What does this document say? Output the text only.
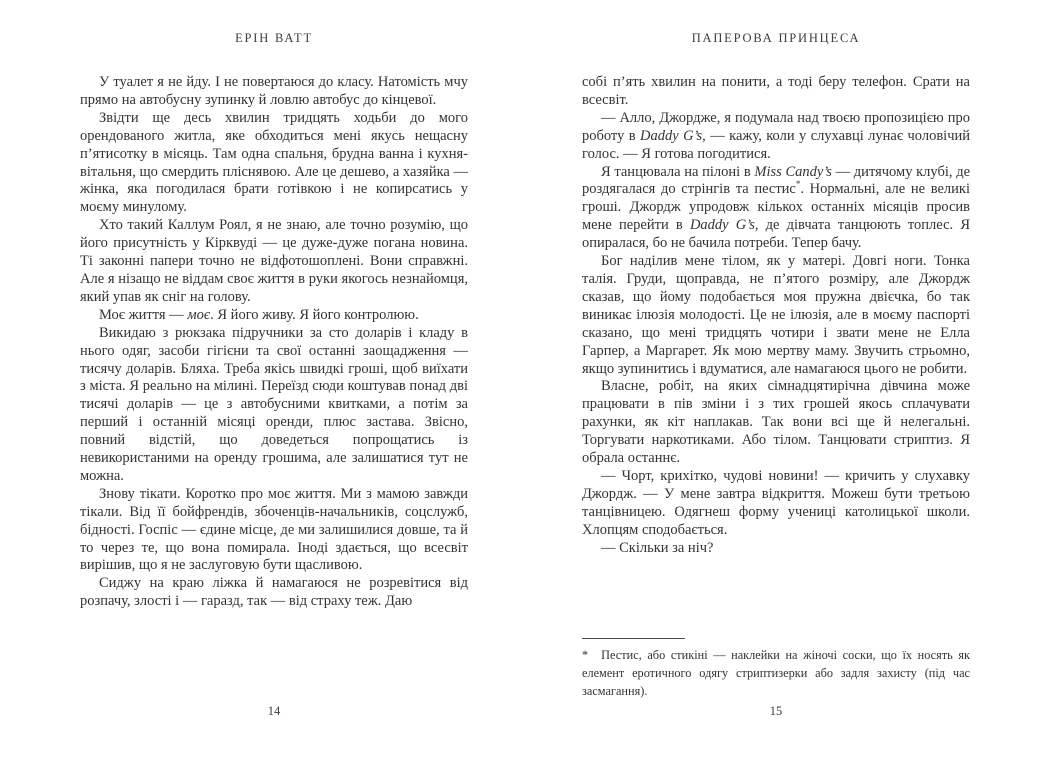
ЕРІН ВАТТ

У туалет я не йду. І не повертаюся до класу. Натомість мчу прямо на автобусну зупинку й ловлю автобус до кінцевої.

Звідти ще десь хвилин тридцять ходьби до мого орендованого житла, яке обходиться мені якусь нещасну п’ятисотку в місяць. Там одна спальня, брудна ванна і кухня-вітальня, що смердить пліснявою. Але це дешево, а хазяйка — жінка, яка погодилася брати готівкою і не копирсатись у моєму минулому.

Хто такий Каллум Роял, я не знаю, але точно розумію, що його присутність у Кірквуді — це дуже-дуже погана новина. Ті законні папери точно не відфотошоплені. Вони справжні. Але я нізащо не віддам своє життя в руки якогось незнайомця, який упав як сніг на голову.

Моє життя — моє. Я його живу. Я його контролюю.

Викидаю з рюкзака підручники за сто доларів і кладу в нього одяг, засоби гігієни та свої останні заощадження — тисячу доларів. Бляха. Треба якісь швидкі гроші, щоб виїхати з міста. Я реально на мілині. Переїзд сюди коштував понад дві тисячі доларів — це з автобусними квитками, а потім за перший і останній місяці оренди, плюс застава. Звісно, повний відстій, що доведеться попрощатись із невикористаними на оренду грошима, але залишатися тут не можна.

Знову тікати. Коротко про моє життя. Ми з мамою завжди тікали. Від її бойфрендів, збоченців-начальників, соцслужб, бідності. Госпіс — єдине місце, де ми залишилися довше, та й то через те, що вона помирала. Іноді здається, що всесвіт вирішив, що я не заслуговую бути щасливою.

Сиджу на краю ліжка й намагаюся не розревітися від розпачу, злості і — гаразд, так — від страху теж. Даю

14
ПАПЕРОВА ПРИНЦЕСА

собі п’ять хвилин на понити, а тоді беру телефон. Срати на всесвіт.

— Алло, Джордже, я подумала над твоєю пропозицією про роботу в Daddy G’s, — кажу, коли у слухавці лунає чоловічий голос. — Я готова погодитися.

Я танцювала на пілоні в Miss Candy’s — дитячому клубі, де роздягалася до стрінгів та пестис*. Нормальні, але не великі гроші. Джордж упродовж кількох останніх місяців просив мене перейти в Daddy G’s, де дівчата танцюють топлес. Я опиралася, бо не бачила потреби. Тепер бачу.

Бог наділив мене тілом, як у матері. Довгі ноги. Тонка талія. Груди, щоправда, не п’ятого розміру, але Джордж сказав, що йому подобається моя пружна двієчка, бо так виникає ілюзія молодості. Це не ілюзія, але в моєму паспорті сказано, що мені тридцять чотири і звати мене не Елла Гарпер, а Маргарет. Як мою мертву маму. Звучить стрьомно, якщо зупинитись і вдуматися, але намагаюся цього не робити.

Власне, робіт, на яких сімнадцятирічна дівчина може працювати в пів зміни і з тих грошей якось сплачувати рахунки, як кіт наплакав. Так вони всі ще й нелегальні. Торгувати наркотиками. Або тілом. Танцювати стриптиз. Я обрала останнє.

— Чорт, крихітко, чудові новини! — кричить у слухавку Джордж. — У мене завтра відкриття. Можеш бути третьою танцівницею. Одягнеш форму учениці католицької школи. Хлопцям сподобається.

— Скільки за ніч?

* Пестис, або стикіні — наклейки на жіночі соски, що їх носять як елемент еротичного одягу стриптизерки або задля захисту (під час засмагання).
15
